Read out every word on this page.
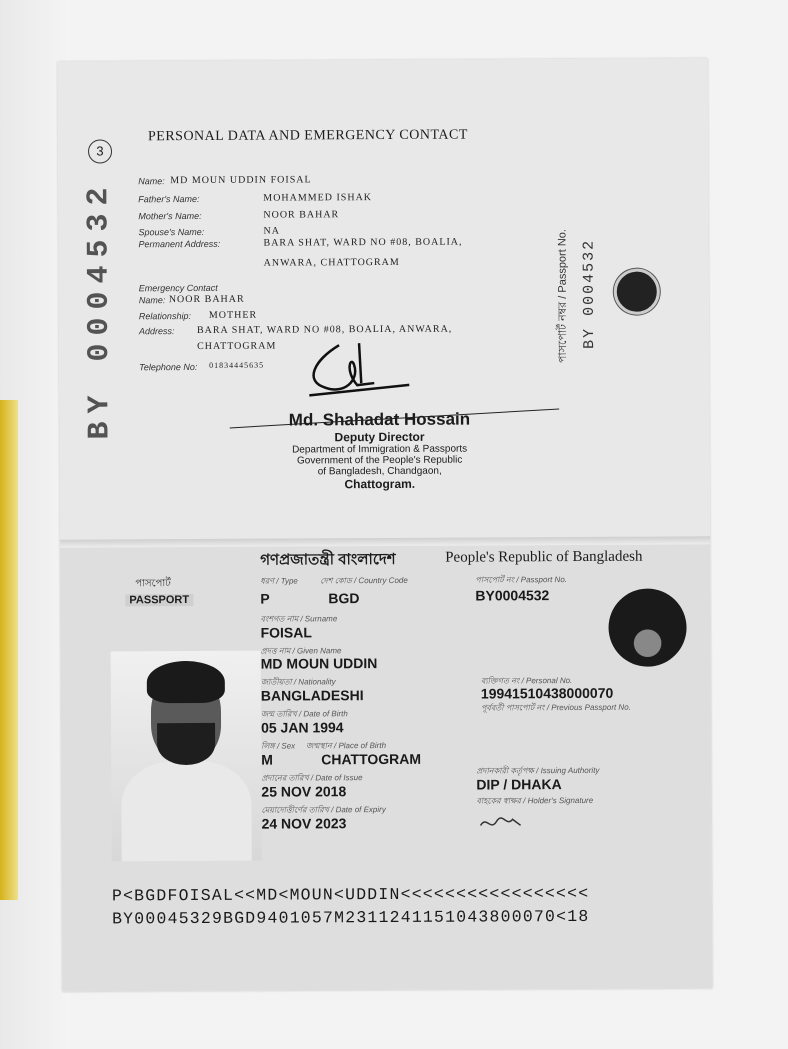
3
BY 0004532
PERSONAL DATA AND EMERGENCY CONTACT
Name: MD MOUN UDDIN FOISAL
Father's Name:	MOHAMMED ISHAK
Mother's Name:	NOOR BAHAR
Spouse's Name:	NA
Permanent Address:	BARA SHAT, WARD NO #08, BOALIA,
ANWARA, CHATTOGRAM
Emergency Contact
Name: NOOR BAHAR
Relationship: MOTHER
Address: BARA SHAT, WARD NO #08, BOALIA, ANWARA,
CHATTOGRAM
Telephone No: 01834445635
Md. Shahadat Hossain
Deputy Director
Department of Immigration & Passports
Government of the People's Republic
of Bangladesh, Chandgaon,
Chattogram.
পাসপোর্ট নম্বর / Passport No. BY 0004532
গণপ্রজাতন্ত্রী বাংলাদেশ	People's Republic of Bangladesh
পাসপোর্ট
PASSPORT
ধরণ / Type
P
দেশ কোড / Country Code
BGD
পাসপোর্ট নং / Passport No.
BY0004532
বংশগত নাম / Surname
FOISAL
প্রদত্ত নাম / Given Name
MD MOUN UDDIN
জাতীয়তা / Nationality
BANGLADESHI
ব্যক্তিগত নং / Personal No.
19941510438000070
পূর্ববর্তী পাসপোর্ট নং / Previous Passport No.
জন্ম তারিখ / Date of Birth
05 JAN 1994
লিঙ্গ / Sex জন্মস্থান / Place of Birth
M	CHATTOGRAM
প্রদানের তারিখ / Date of Issue
25 NOV 2018
প্রদানকারী কর্তৃপক্ষ / Issuing Authority
DIP / DHAKA
বাহকের স্বাক্ষর / Holder's Signature
মেয়াদোত্তীর্ণের তারিখ / Date of Expiry
24 NOV 2023
P<BGDFOISAL<<MD<MOUN<UDDIN<<<<<<<<<<<<<<<<<
BY00045329BGD9401057M2311241151043800070<18
